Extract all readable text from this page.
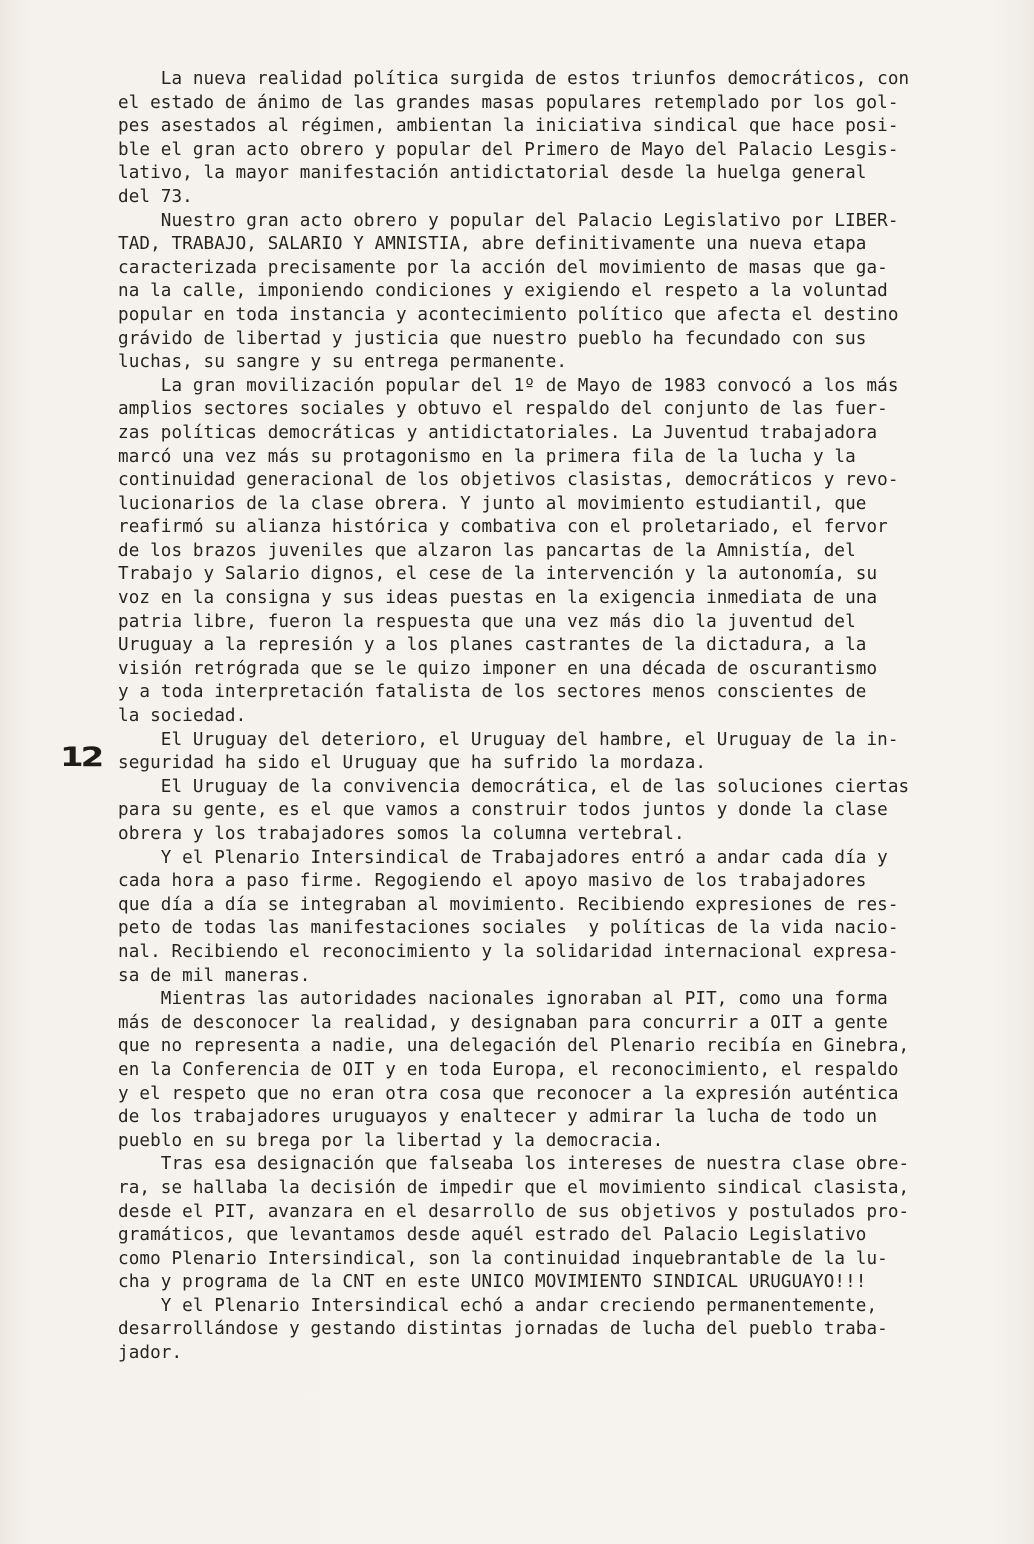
12
La nueva realidad política surgida de estos triunfos democráticos, con
el estado de ánimo de las grandes masas populares retemplado por los gol-
pes asestados al régimen, ambientan la iniciativa sindical que hace posi-
ble el gran acto obrero y popular del Primero de Mayo del Palacio Lesgis-
lativo, la mayor manifestación antidictatorial desde la huelga general
del 73.
Nuestro gran acto obrero y popular del Palacio Legislativo por LIBER-
TAD, TRABAJO, SALARIO Y AMNISTIA, abre definitivamente una nueva etapa
caracterizada precisamente por la acción del movimiento de masas que ga-
na la calle, imponiendo condiciones y exigiendo el respeto a la voluntad
popular en toda instancia y acontecimiento político que afecta el destino
grávido de libertad y justicia que nuestro pueblo ha fecundado con sus
luchas, su sangre y su entrega permanente.
La gran movilización popular del 1º de Mayo de 1983 convocó a los más
amplios sectores sociales y obtuvo el respaldo del conjunto de las fuer-
zas políticas democráticas y antidictatoriales. La Juventud trabajadora
marcó una vez más su protagonismo en la primera fila de la lucha y la
continuidad generacional de los objetivos clasistas, democráticos y revo-
lucionarios de la clase obrera. Y junto al movimiento estudiantil, que
reafirmó su alianza histórica y combativa con el proletariado, el fervor
de los brazos juveniles que alzaron las pancartas de la Amnistía, del
Trabajo y Salario dignos, el cese de la intervención y la autonomía, su
voz en la consigna y sus ideas puestas en la exigencia inmediata de una
patria libre, fueron la respuesta que una vez más dio la juventud del
Uruguay a la represión y a los planes castrantes de la dictadura, a la
visión retrógrada que se le quizo imponer en una década de oscurantismo
y a toda interpretación fatalista de los sectores menos conscientes de
la sociedad.
El Uruguay del deterioro, el Uruguay del hambre, el Uruguay de la in-
seguridad ha sido el Uruguay que ha sufrido la mordaza.
El Uruguay de la convivencia democrática, el de las soluciones ciertas
para su gente, es el que vamos a construir todos juntos y donde la clase
obrera y los trabajadores somos la columna vertebral.
Y el Plenario Intersindical de Trabajadores entró a andar cada día y
cada hora a paso firme. Regogiendo el apoyo masivo de los trabajadores
que día a día se integraban al movimiento. Recibiendo expresiones de res-
peto de todas las manifestaciones sociales  y políticas de la vida nacio-
nal. Recibiendo el reconocimiento y la solidaridad internacional expresa-
sa de mil maneras.
Mientras las autoridades nacionales ignoraban al PIT, como una forma
más de desconocer la realidad, y designaban para concurrir a OIT a gente
que no representa a nadie, una delegación del Plenario recibía en Ginebra,
en la Conferencia de OIT y en toda Europa, el reconocimiento, el respaldo
y el respeto que no eran otra cosa que reconocer a la expresión auténtica
de los trabajadores uruguayos y enaltecer y admirar la lucha de todo un
pueblo en su brega por la libertad y la democracia.
Tras esa designación que falseaba los intereses de nuestra clase obre-
ra, se hallaba la decisión de impedir que el movimiento sindical clasista,
desde el PIT, avanzara en el desarrollo de sus objetivos y postulados pro-
gramáticos, que levantamos desde aquél estrado del Palacio Legislativo
como Plenario Intersindical, son la continuidad inquebrantable de la lu-
cha y programa de la CNT en este UNICO MOVIMIENTO SINDICAL URUGUAYO!!!
Y el Plenario Intersindical echó a andar creciendo permanentemente,
desarrollándose y gestando distintas jornadas de lucha del pueblo traba-
jador.
